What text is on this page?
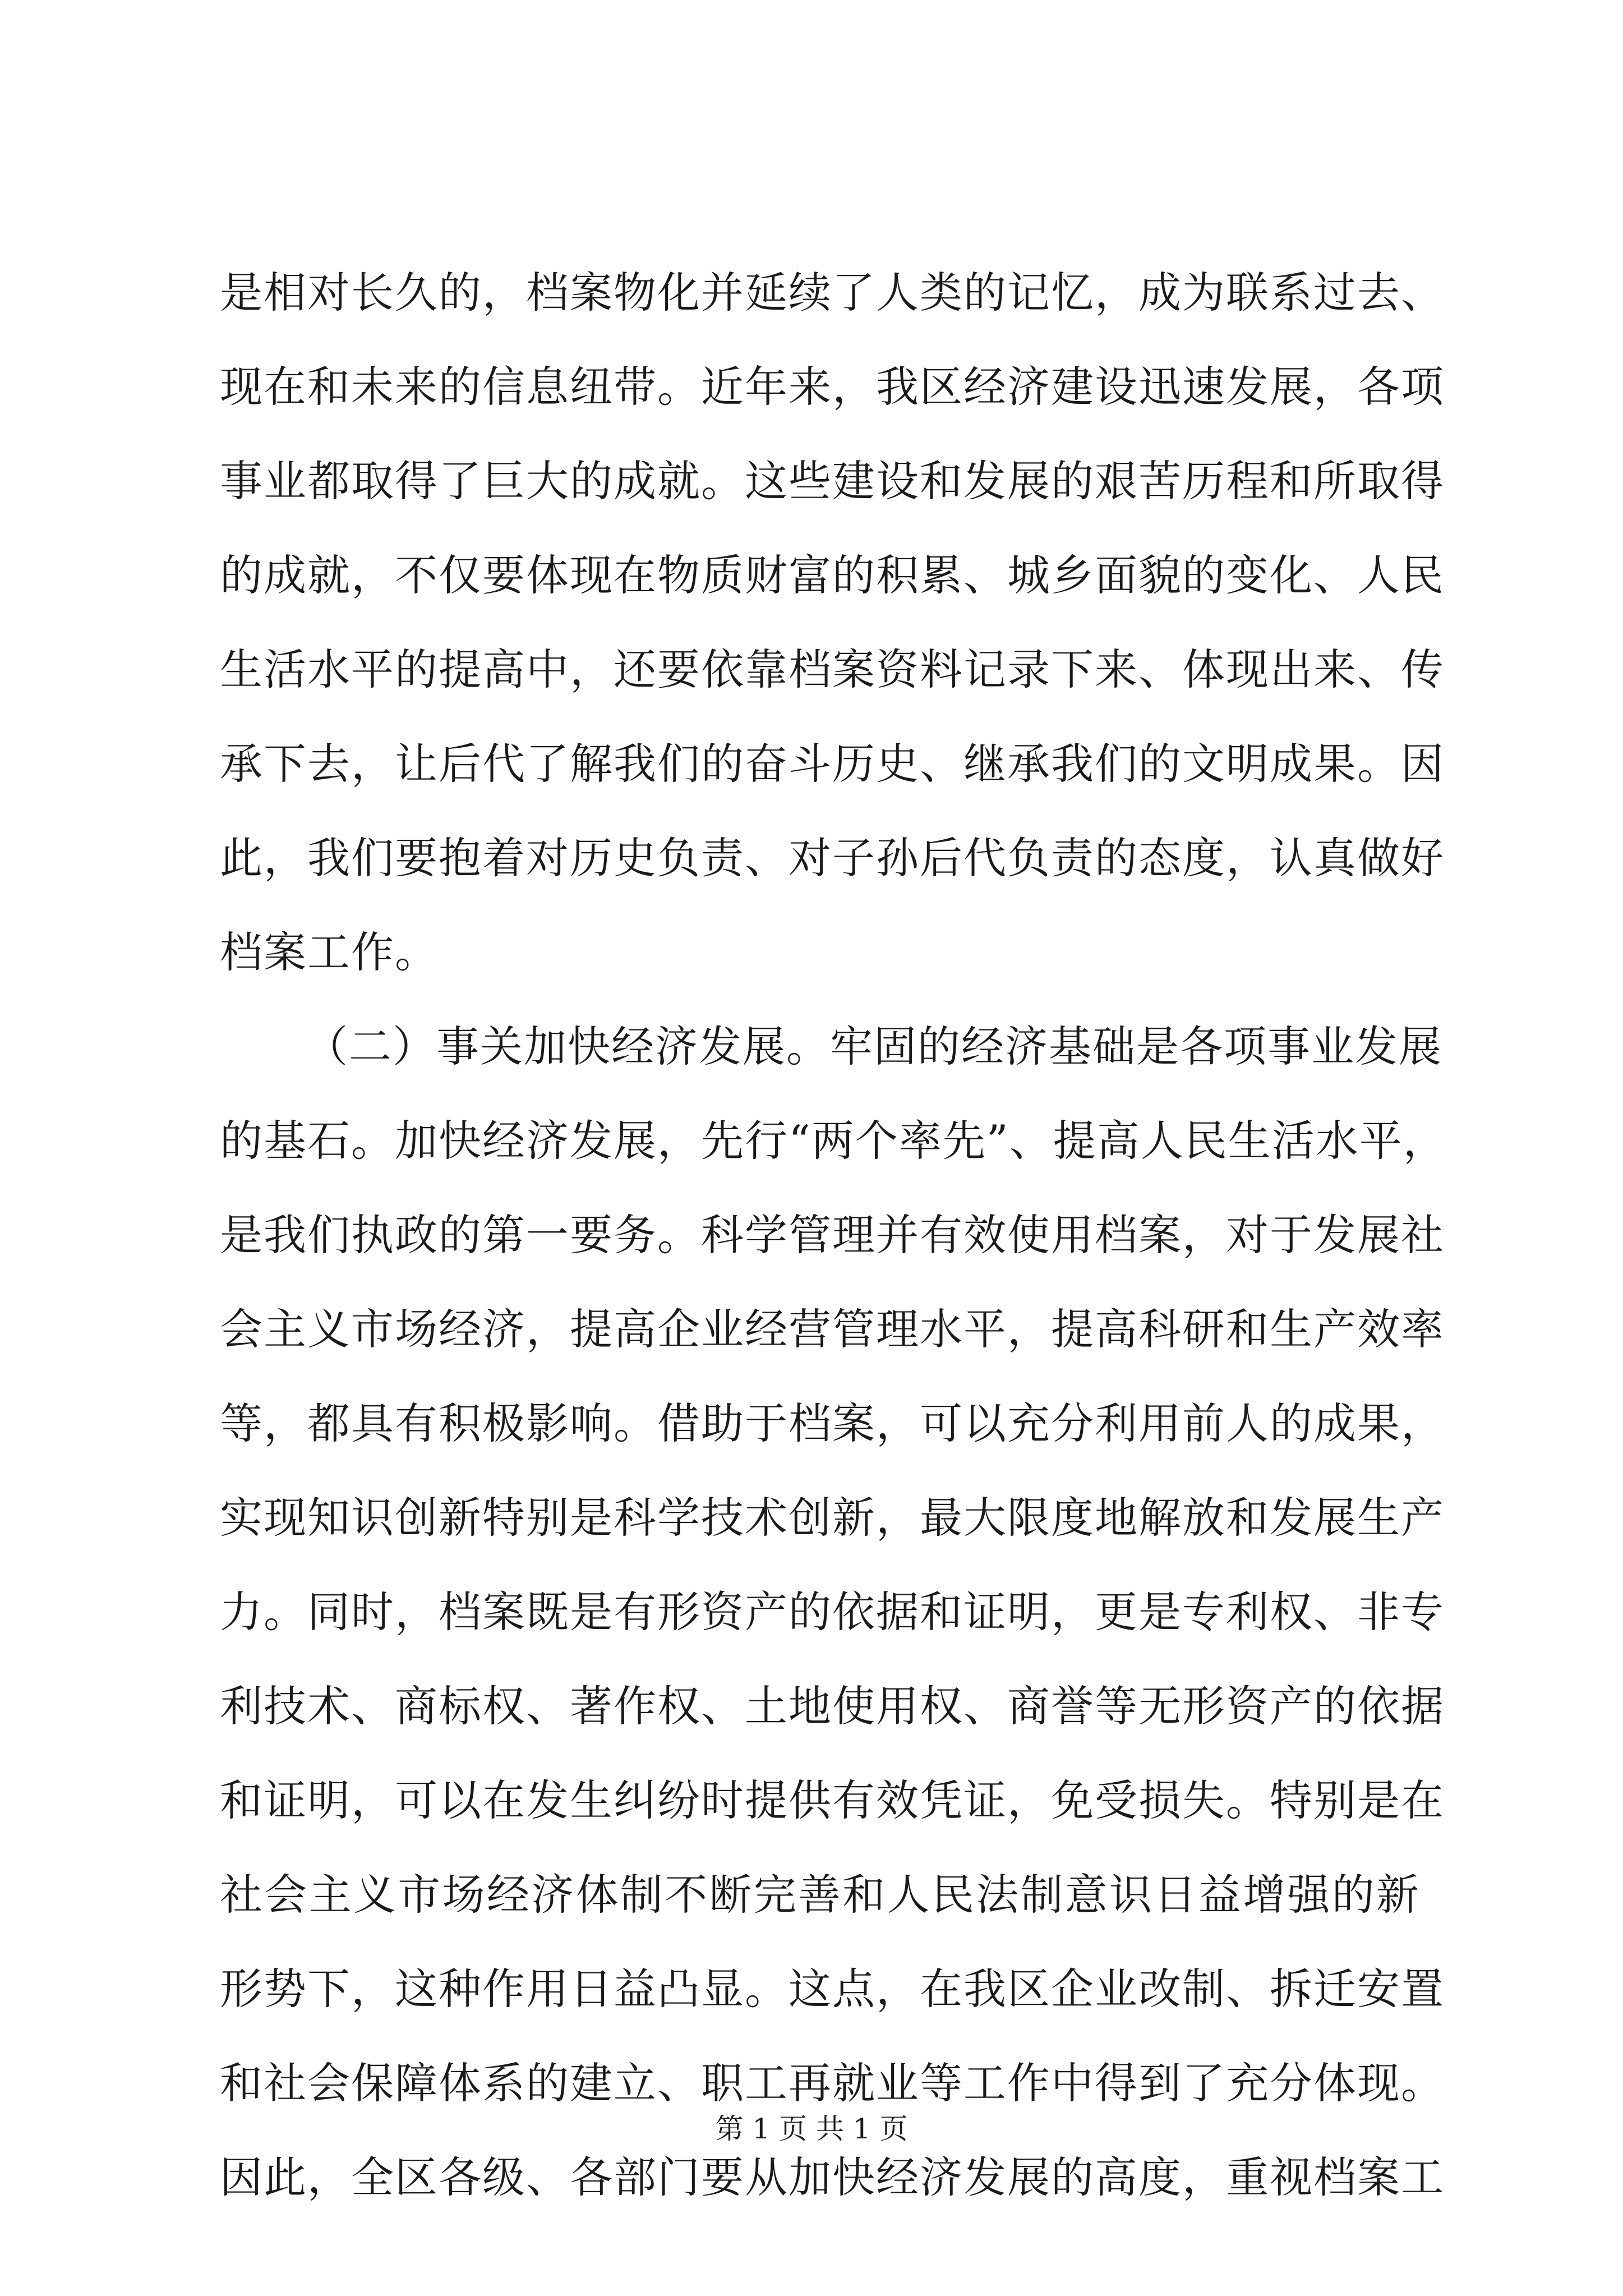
是相对长久的，档案物化并延续了人类的记忆，成为联系过去、
现在和未来的信息纽带。近年来，我区经济建设迅速发展，各项
事业都取得了巨大的成就。这些建设和发展的艰苦历程和所取得
的成就，不仅要体现在物质财富的积累、城乡面貌的变化、人民
生活水平的提高中，还要依靠档案资料记录下来、体现出来、传
承下去，让后代了解我们的奋斗历史、继承我们的文明成果。因
此，我们要抱着对历史负责、对子孙后代负责的态度，认真做好
档案工作。
（二）事关加快经济发展。牢固的经济基础是各项事业发展
的基石。加快经济发展，先行“两个率先”、提高人民生活水平，
是我们执政的第一要务。科学管理并有效使用档案，对于发展社
会主义市场经济，提高企业经营管理水平，提高科研和生产效率
等，都具有积极影响。借助于档案，可以充分利用前人的成果，
实现知识创新特别是科学技术创新，最大限度地解放和发展生产
力。同时，档案既是有形资产的依据和证明，更是专利权、非专
利技术、商标权、著作权、土地使用权、商誉等无形资产的依据
和证明，可以在发生纠纷时提供有效凭证，免受损失。特别是在
社会主义市场经济体制不断完善和人民法制意识日益增强的新
形势下，这种作用日益凸显。这点，在我区企业改制、拆迁安置
和社会保障体系的建立、职工再就业等工作中得到了充分体现。
因此，全区各级、各部门要从加快经济发展的高度，重视档案工
第 1 页 共 1 页
